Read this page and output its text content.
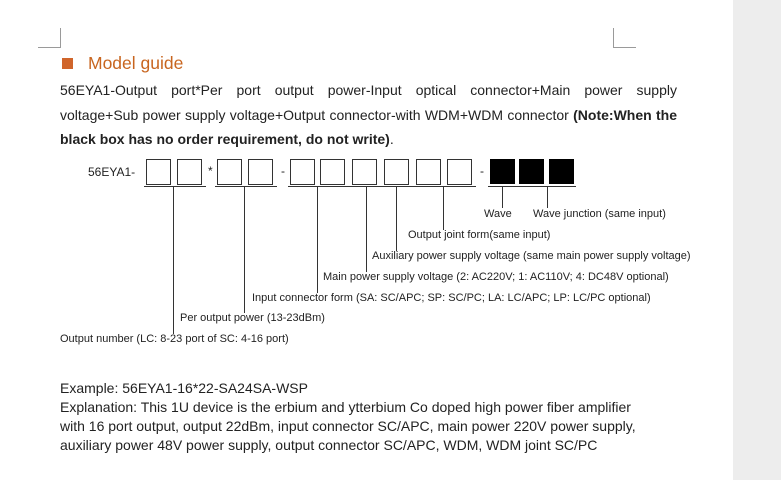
Model guide
56EYA1-Output port*Per port output power-Input optical connector+Main power supply voltage+Sub power supply voltage+Output connector-with WDM+WDM connector (Note:When the black box has no order requirement, do not write).
56EYA1-	*	-	-
Wave Wave junction (same input)
Output joint form(same input)
Auxiliary power supply voltage (same main power supply voltage)
Main power supply voltage (2: AC220V; 1: AC110V; 4: DC48V optional)
Input connector form (SA: SC/APC; SP: SC/PC; LA: LC/APC; LP: LC/PC optional)
Per output power (13-23dBm)
Output number (LC: 8-23 port of SC: 4-16 port)
Example: 56EYA1-16*22-SA24SA-WSP
Explanation: This 1U device is the erbium and ytterbium Co doped high power fiber amplifier
with 16 port output, output 22dBm, input connector SC/APC, main power 220V power supply,
auxiliary power 48V power supply, output connector SC/APC, WDM, WDM joint SC/PC
